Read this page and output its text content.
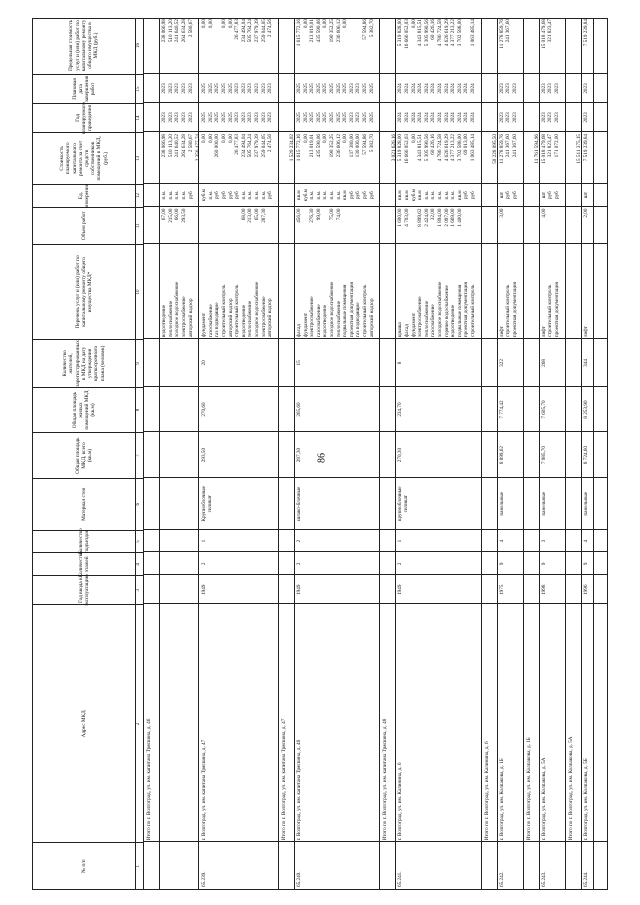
86
№ п/п
Адрес МКД
Год ввода в эксплуатацию
Количество этажей
Количество подъездов
Материал стен
Общая площадь МКД, всего (кв.м)
Общая площадь жилых помещений МКД (кв.м)
Количество жителей, зарегистрированных в МКД на дату утверждения краткосрочного плана (человек)
Перечень услуг и (или) работ по капитальному ремонту общего имущества МКД*
Объем работ
Ед. измерения
Стоимость планируемого капитального ремонта за счет средств собственников помещений в МКД, (руб.)
Год планируемого проведения
Плановая дата завершения работ
Предельная стоимость услуг и (или) работ по капитальному ремонту общего имущества в МКД (руб.)
1
2
3
4
5
6
7
8
9
10
11
12
13
14
15
16
Итого по г. Волгоград, ул. им. капитана Тряскина, д. 46
водоотведение
67,00
п.м.
238 066,98
2023
2023
238 066,98
теплоснабжение
215,00
п.м.
510 113,20
2023
2023
510 113,20
холодное водоснабжение
66,00
п.м.
241 640,52
2023
2023
241 640,52
электроснабжение
293,50
п.м.
264 634,28
2023
2023
264 634,28
авторский надзор
руб
2 580,67
2023
2023
2 580,67
65.239.
г. Волгоград, ул. им. капитана Тряскина, д. 47
1949
2
1
Крупноблочные силикат
293,50
270,60
20
2 356 477,74
фундамент
куб.м
0,00
2025
2025
0,00
газоснабжение
п.м.
0,00
2025
2025
0,00
газ подводящие
руб
260 000,00
2025
2025
строительный контроль
руб
0,00
2025
2025
0,00
авторский надзор
руб
0,00
2025
2025
0,00
строительный контроль
руб
26 477,83
2023
2023
26 477,83
водоотведение
68,00
п.м.
234 494,04
2023
2023
234 494,04
теплоснабжение
213,00
п.м.
505 764,24
2023
2023
505 764,24
холодное водоснабжение
65,00
п.м.
237 979,39
2023
2023
237 979,39
электроснабжение
287,30
п.м.
259 044,05
2023
2023
259 044,05
авторский надзор
руб
2 474,56
2023
2023
2 474,56
Итого по г. Волгоград, ул. им. капитана Тряскина, д. 47
65.240.
г. Волгоград, ул. им. капитана Тряскина, д. 48
1949
2
2
шлако-блочные
287,30
265,60
15
1 520 234,02
фасад
456,00
кв.м
1 615 772,16
2025
2025
1 615 772,16
фундамент
куб.м
0,00
2025
2025
0,00
электроснабжение
276,30
п.м.
213 019,01
2025
2025
213 019,01
газоснабжение
99,00
п.м.
435 590,06
2025
2025
435 590,06
водоотведение
п.м.
0,00
2025
2025
0,00
холодное водоснабжение
75,00
п.м.
190 352,25
2025
2025
190 352,25
теплоснабжение
74,00
п.м.
236 606,12
2025
2025
236 606,12
подвальные помещения
кв.м
0,00
2025
2025
0,00
проектная документация
руб
137 380,00
2023
2023
газ подводящие
руб
130 000,00
2023
2023
строительный контроль
руб
57 594,86
2025
2025
57 594,86
авторский надзор
руб
5 382,70
2025
2025
5 382,70
Итого по г. Волгоград, ул. им. капитана Тряскина, д. 48
65.241.
г. Волгоград, ул. им. Калинина, д. 6
1949
2
1
крупноблочные силикат
270,30
234,70
8
3 021 626,16
крыша
1 600,00
кв.м
5 319 828,00
2024
2024
5 319 828,00
фасад
4 703,00
кв.м
16 666 052,03
2024
2024
16 666 052,03
фундамент
куб.м
0,00
2024
2024
0,00
электроснабжение
8 899,62
кв.м
4 343 815,51
2024
2024
4 343 815,51
теплоснабжение
2 424,00
п.м.
5 305 990,56
2024
2024
5 305 990,56
газоснабжение
32,00
п.м.
60 426,16
2024
2024
60 426,16
холодное водоснабжение
1 894,00
п.м.
4 786 724,58
2024
2024
4 786 724,58
горячее водоснабжение
2 097,00
п.м.
4 626 619,29
2024
2024
4 626 619,29
водоотведение
1 669,00
п.м.
4 377 213,22
2024
2024
4 377 213,22
подвальные помещения
1 400,00
кв.м
3 702 588,00
2024
2024
3 702 588,00
проектная документация
руб
69 013,00
2024
2024
строительный контроль
руб
1 063 485,14
2024
2024
1 063 485,14
Итого по г. Волгоград, ул. им. Калинина, д. 6
65.242.
г. Волгоград, ул. им. Колпакова, д. 1Б
1975
9
4
панельные
8 899,62
7 774,42
322
50 228 095,50
лифт
3,00
шт
11 278 859,76
2023
2023
11 278 859,76
строительный контроль
руб
241 367,60
2023
2023
241 367,60
проектная документация
руб
241 367,60
2023
2023
Итого по г. Волгоград, ул. им. Колпакова, д. 1Б
65.243.
г. Волгоград, ул. им. Колпакова, д. 5А
1998
9
3
панельные
7 985,70
7 605,70
268
11 761 594,96
лифт
4,00
шт
15 018 479,68
2023
2023
15 018 479,68
строительный контроль
руб
321 823,47
2023
2023
321 823,47
проектная документация
руб
171 072,00
2023
2023
Итого по г. Волгоград, ул. им. Колпакова, д. 5А
65.244.
г. Волгоград, ул. им. Колпакова, д. 5Б
1996
9
4
панельные
8 724,60
8 253,90
344
15 511 375,15
лифт
2,00
шт
7 519 239,84
2023
2023
7 519 239,84
